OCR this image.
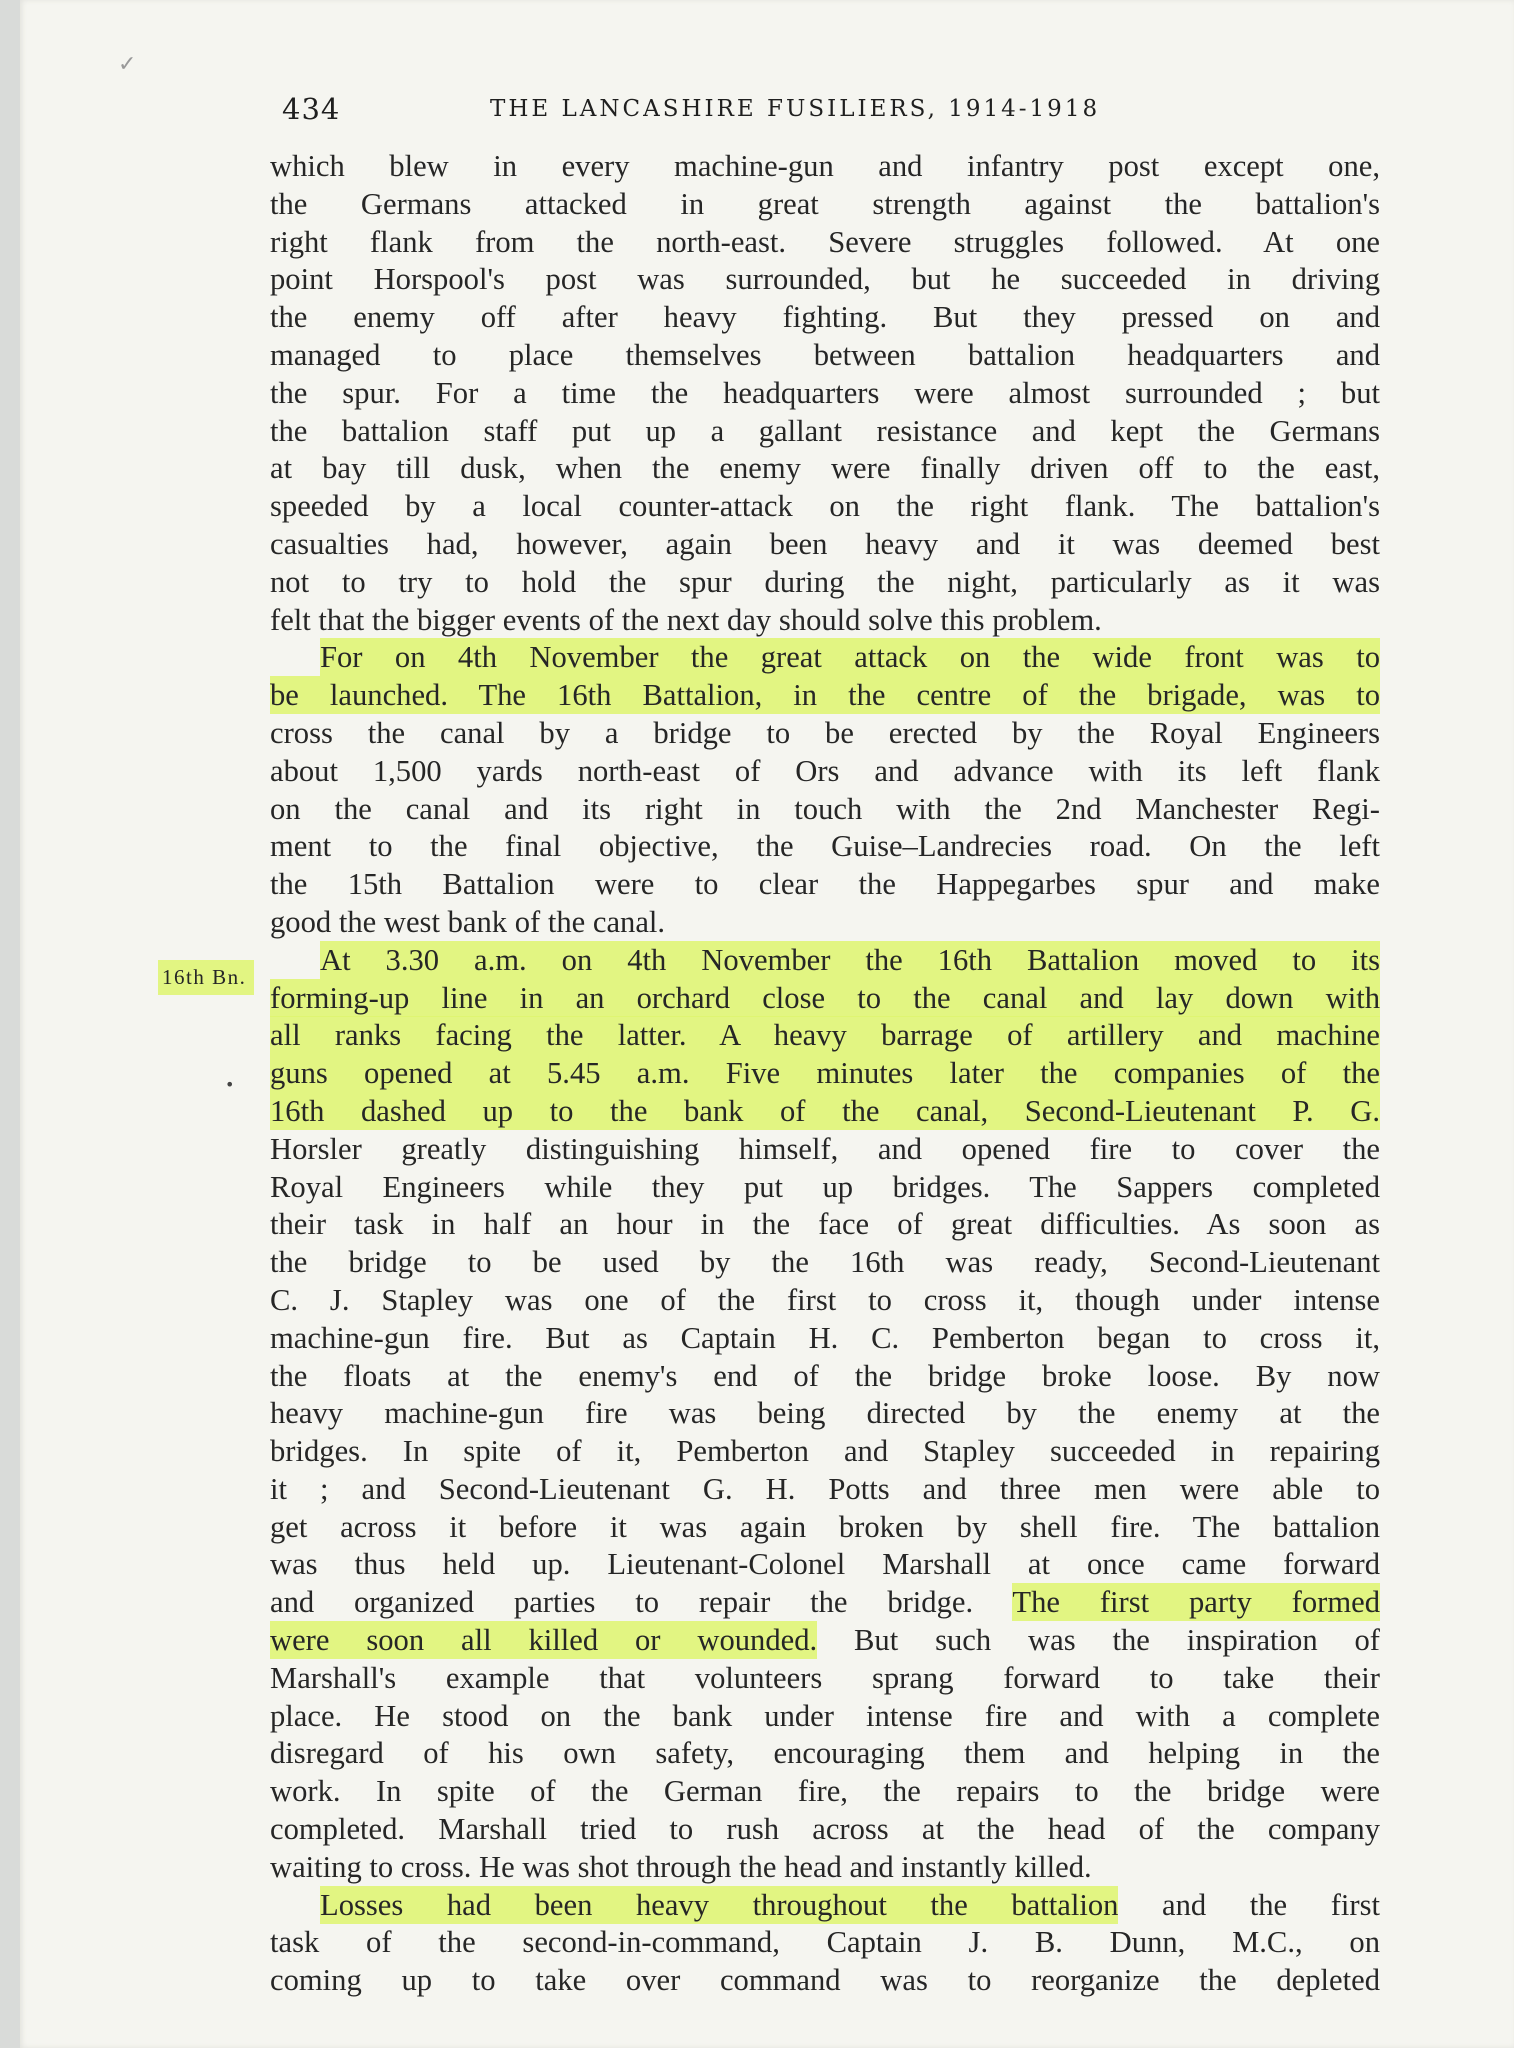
434	THE LANCASHIRE FUSILIERS, 1914-1918
16th Bn.
•
✓
which blew in every machine-gun and infantry post except one,
the Germans attacked in great strength against the battalion's
right flank from the north-east. Severe struggles followed. At one
point Horspool's post was surrounded, but he succeeded in driving
the enemy off after heavy fighting. But they pressed on and
managed to place themselves between battalion headquarters and
the spur. For a time the headquarters were almost surrounded ; but
the battalion staff put up a gallant resistance and kept the Germans
at bay till dusk, when the enemy were finally driven off to the east,
speeded by a local counter-attack on the right flank. The battalion's
casualties had, however, again been heavy and it was deemed best
not to try to hold the spur during the night, particularly as it was
felt that the bigger events of the next day should solve this problem.
For on 4th November the great attack on the wide front was to
be launched. The 16th Battalion, in the centre of the brigade, was to
cross the canal by a bridge to be erected by the Royal Engineers
about 1,500 yards north-east of Ors and advance with its left flank
on the canal and its right in touch with the 2nd Manchester Regi-
ment to the final objective, the Guise–Landrecies road. On the left
the 15th Battalion were to clear the Happegarbes spur and make
good the west bank of the canal.
At 3.30 a.m. on 4th November the 16th Battalion moved to its
forming-up line in an orchard close to the canal and lay down with
all ranks facing the latter. A heavy barrage of artillery and machine
guns opened at 5.45 a.m. Five minutes later the companies of the
16th dashed up to the bank of the canal, Second-Lieutenant P. G.
Horsler greatly distinguishing himself, and opened fire to cover the
Royal Engineers while they put up bridges. The Sappers completed
their task in half an hour in the face of great difficulties. As soon as
the bridge to be used by the 16th was ready, Second-Lieutenant
C. J. Stapley was one of the first to cross it, though under intense
machine-gun fire. But as Captain H. C. Pemberton began to cross it,
the floats at the enemy's end of the bridge broke loose. By now
heavy machine-gun fire was being directed by the enemy at the
bridges. In spite of it, Pemberton and Stapley succeeded in repairing
it ; and Second-Lieutenant G. H. Potts and three men were able to
get across it before it was again broken by shell fire. The battalion
was thus held up. Lieutenant-Colonel Marshall at once came forward
and organized parties to repair the bridge. The first party formed
were soon all killed or wounded. But such was the inspiration of
Marshall's example that volunteers sprang forward to take their
place. He stood on the bank under intense fire and with a complete
disregard of his own safety, encouraging them and helping in the
work. In spite of the German fire, the repairs to the bridge were
completed. Marshall tried to rush across at the head of the company
waiting to cross. He was shot through the head and instantly killed.
Losses had been heavy throughout the battalion and the first
task of the second-in-command, Captain J. B. Dunn, M.C., on
coming up to take over command was to reorganize the depleted
